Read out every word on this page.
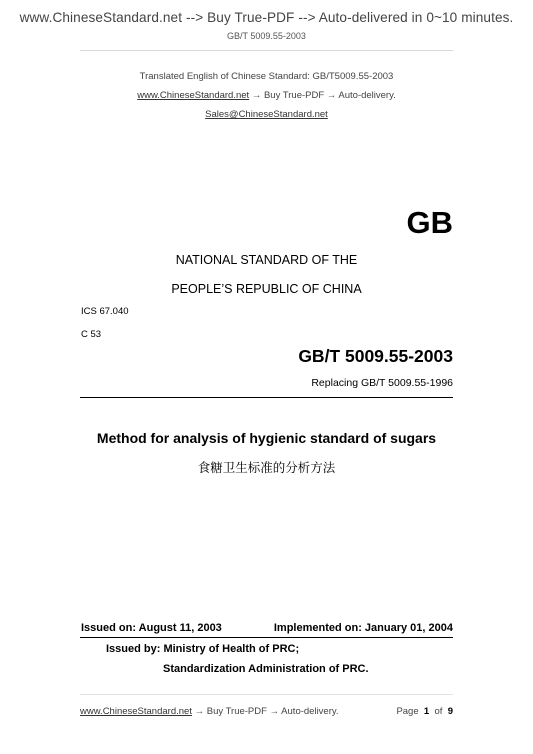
www.ChineseStandard.net --> Buy True-PDF --> Auto-delivered in 0~10 minutes.
GB/T 5009.55-2003
Translated English of Chinese Standard: GB/T5009.55-2003
www.ChineseStandard.net → Buy True-PDF → Auto-delivery.
Sales@ChineseStandard.net
GB
NATIONAL STANDARD OF THE
PEOPLE’S REPUBLIC OF CHINA
ICS 67.040
C 53
GB/T 5009.55-2003
Replacing GB/T 5009.55-1996
Method for analysis of hygienic standard of sugars
食糖卫生标准的分析方法
Issued on: August 11, 2003	Implemented on: January 01, 2004
Issued by: Ministry of Health of PRC;
Standardization Administration of PRC.
www.ChineseStandard.net → Buy True-PDF → Auto-delivery.	Page 1 of 9
